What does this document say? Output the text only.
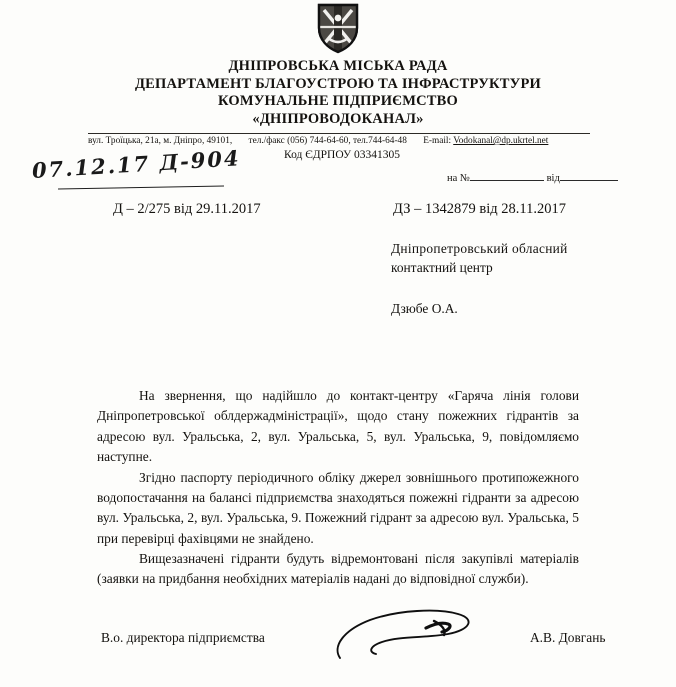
ДНІПРОВСЬКА МІСЬКА РАДА
ДЕПАРТАМЕНТ БЛАГОУСТРОЮ ТА ІНФРАСТРУКТУРИ
КОМУНАЛЬНЕ ПІДПРИЄМСТВО
«ДНІПРОВОДОКАНАЛ»
вул. Троїцька, 21а, м. Дніпро, 49101, тел./факс (056) 744-64-60, тел.744-64-48 E-mail: Vodokanal@dp.ukrtel.net
Код ЄДРПОУ 03341305
07.12.17 Д-904	на №	від
Д – 2/275 від 29.11.2017	ДЗ – 1342879 від 28.11.2017
Дніпропетровський обласний
контактний центр
Дзюбе О.А.

На звернення, що надійшло до контакт-центру «Гаряча лінія голови Дніпропетровської облдержадміністрації», щодо стану пожежних гідрантів за адресою вул. Уральська, 2, вул. Уральська, 5, вул. Уральська, 9, повідомляємо наступне.

Згідно паспорту періодичного обліку джерел зовнішнього протипожежного водопостачання на балансі підприємства знаходяться пожежні гідранти за адресою вул. Уральська, 2, вул. Уральська, 9. Пожежний гідрант за адресою вул. Уральська, 5 при перевірці фахівцями не знайдено.

Вищезазначені гідранти будуть відремонтовані після закупівлі матеріалів (заявки на придбання необхідних матеріалів надані до відповідної служби).

В.о. директора підприємства	А.В. Довгань
